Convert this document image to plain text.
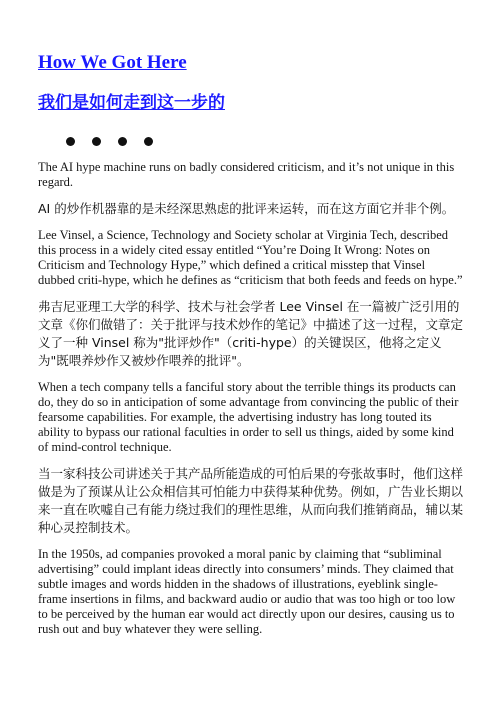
How We Got Here
我们是如何走到这一步的

The AI hype machine runs on badly considered criticism, and it’s not unique in this regard.

AI 的炒作机器靠的是未经深思熟虑的批评来运转，而在这方面它并非个例。

Lee Vinsel, a Science, Technology and Society scholar at Virginia Tech, described this process in a widely cited essay entitled “You’re Doing It Wrong: Notes on Criticism and Technology Hype,” which defined a critical misstep that Vinsel dubbed criti-hype, which he defines as “criticism that both feeds and feeds on hype.”

弗吉尼亚理工大学的科学、技术与社会学者 Lee Vinsel 在一篇被广泛引用的文章《你们做错了：关于批评与技术炒作的笔记》中描述了这一过程，文章定义了一种 Vinsel 称为"批评炒作"（criti-hype）的关键误区，他将之定义为"既喂养炒作又被炒作喂养的批评"。

When a tech company tells a fanciful story about the terrible things its products can do, they do so in anticipation of some advantage from convincing the public of their fearsome capabilities. For example, the advertising industry has long touted its ability to bypass our rational faculties in order to sell us things, aided by some kind of mind-control technique.

当一家科技公司讲述关于其产品所能造成的可怕后果的夸张故事时，他们这样做是为了预谋从让公众相信其可怕能力中获得某种优势。例如，广告业长期以来一直在吹嘘自己有能力绕过我们的理性思维，从而向我们推销商品，辅以某种心灵控制技术。

In the 1950s, ad companies provoked a moral panic by claiming that “subliminal advertising” could implant ideas directly into consumers’ minds. They claimed that subtle images and words hidden in the shadows of illustrations, eyeblink single-frame insertions in films, and backward audio or audio that was too high or too low to be perceived by the human ear would act directly upon our desires, causing us to rush out and buy whatever they were selling.
